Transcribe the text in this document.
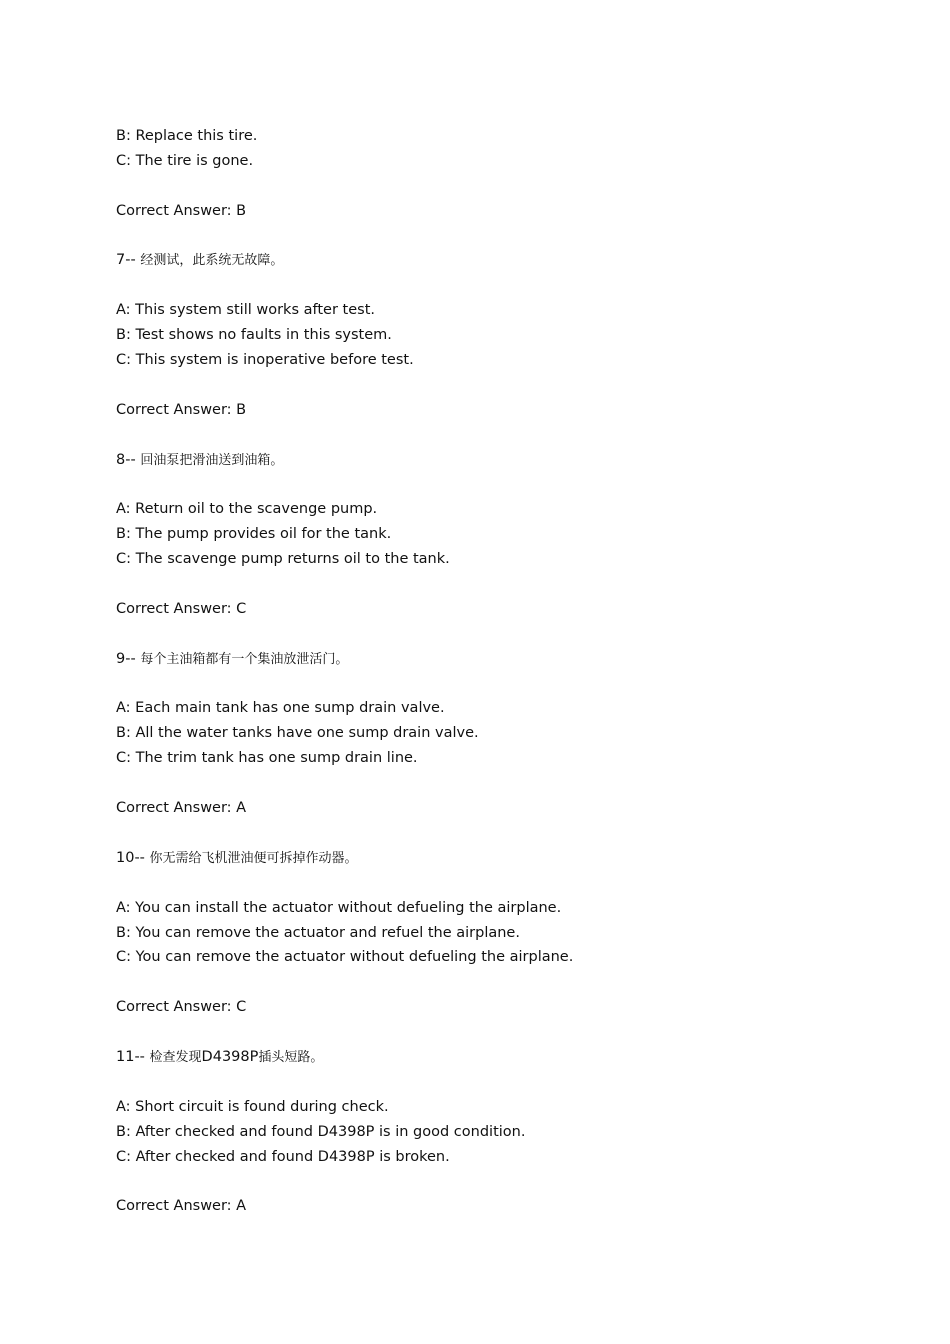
B: Replace this tire.
C: The tire is gone.
Correct Answer: B
7-- 经测试，此系统无故障。
A: This system still works after test.
B: Test shows no faults in this system.
C: This system is inoperative before test.
Correct Answer: B
8-- 回油泵把滑油送到油箱。
A: Return oil to the scavenge pump.
B: The pump provides oil for the tank.
C: The scavenge pump returns oil to the tank.
Correct Answer: C
9-- 每个主油箱都有一个集油放泄活门。
A: Each main tank has one sump drain valve.
B: All the water tanks have one sump drain valve.
C: The trim tank has one sump drain line.
Correct Answer: A
10-- 你无需给飞机泄油便可拆掉作动器。
A: You can install the actuator without defueling the airplane.
B: You can remove the actuator and refuel the airplane.
C: You can remove the actuator without defueling the airplane.
Correct Answer: C
11-- 检查发现D4398P插头短路。
A: Short circuit is found during check.
B: After checked and found D4398P is in good condition.
C: After checked and found D4398P is broken.
Correct Answer: A
